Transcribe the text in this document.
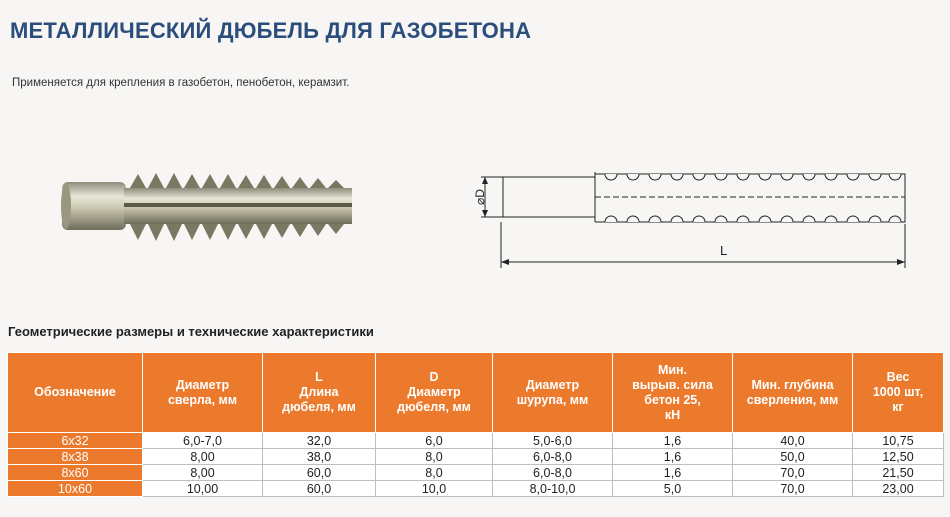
МЕТАЛЛИЧЕСКИЙ ДЮБЕЛЬ ДЛЯ ГАЗОБЕТОНА
Применяется для крепления в газобетон, пенобетон, керамзит.
⌀D
L
Геометрические размеры и технические характеристики
Обозначение	Диаметр
сверла, мм	L
Длина
дюбеля, мм	D
Диаметр
дюбеля, мм	Диаметр
шурупа, мм	Мин.
вырыв. сила
бетон 25,
кН	Мин. глубина
сверления, мм	Вес
1000 шт,
кг
6x32	6,0-7,0	32,0	6,0	5,0-6,0	1,6	40,0	10,75
8x38	8,00	38,0	8,0	6,0-8,0	1,6	50,0	12,50
8x60	8,00	60,0	8,0	6,0-8,0	1,6	70,0	21,50
10x60	10,00	60,0	10,0	8,0-10,0	5,0	70,0	23,00
